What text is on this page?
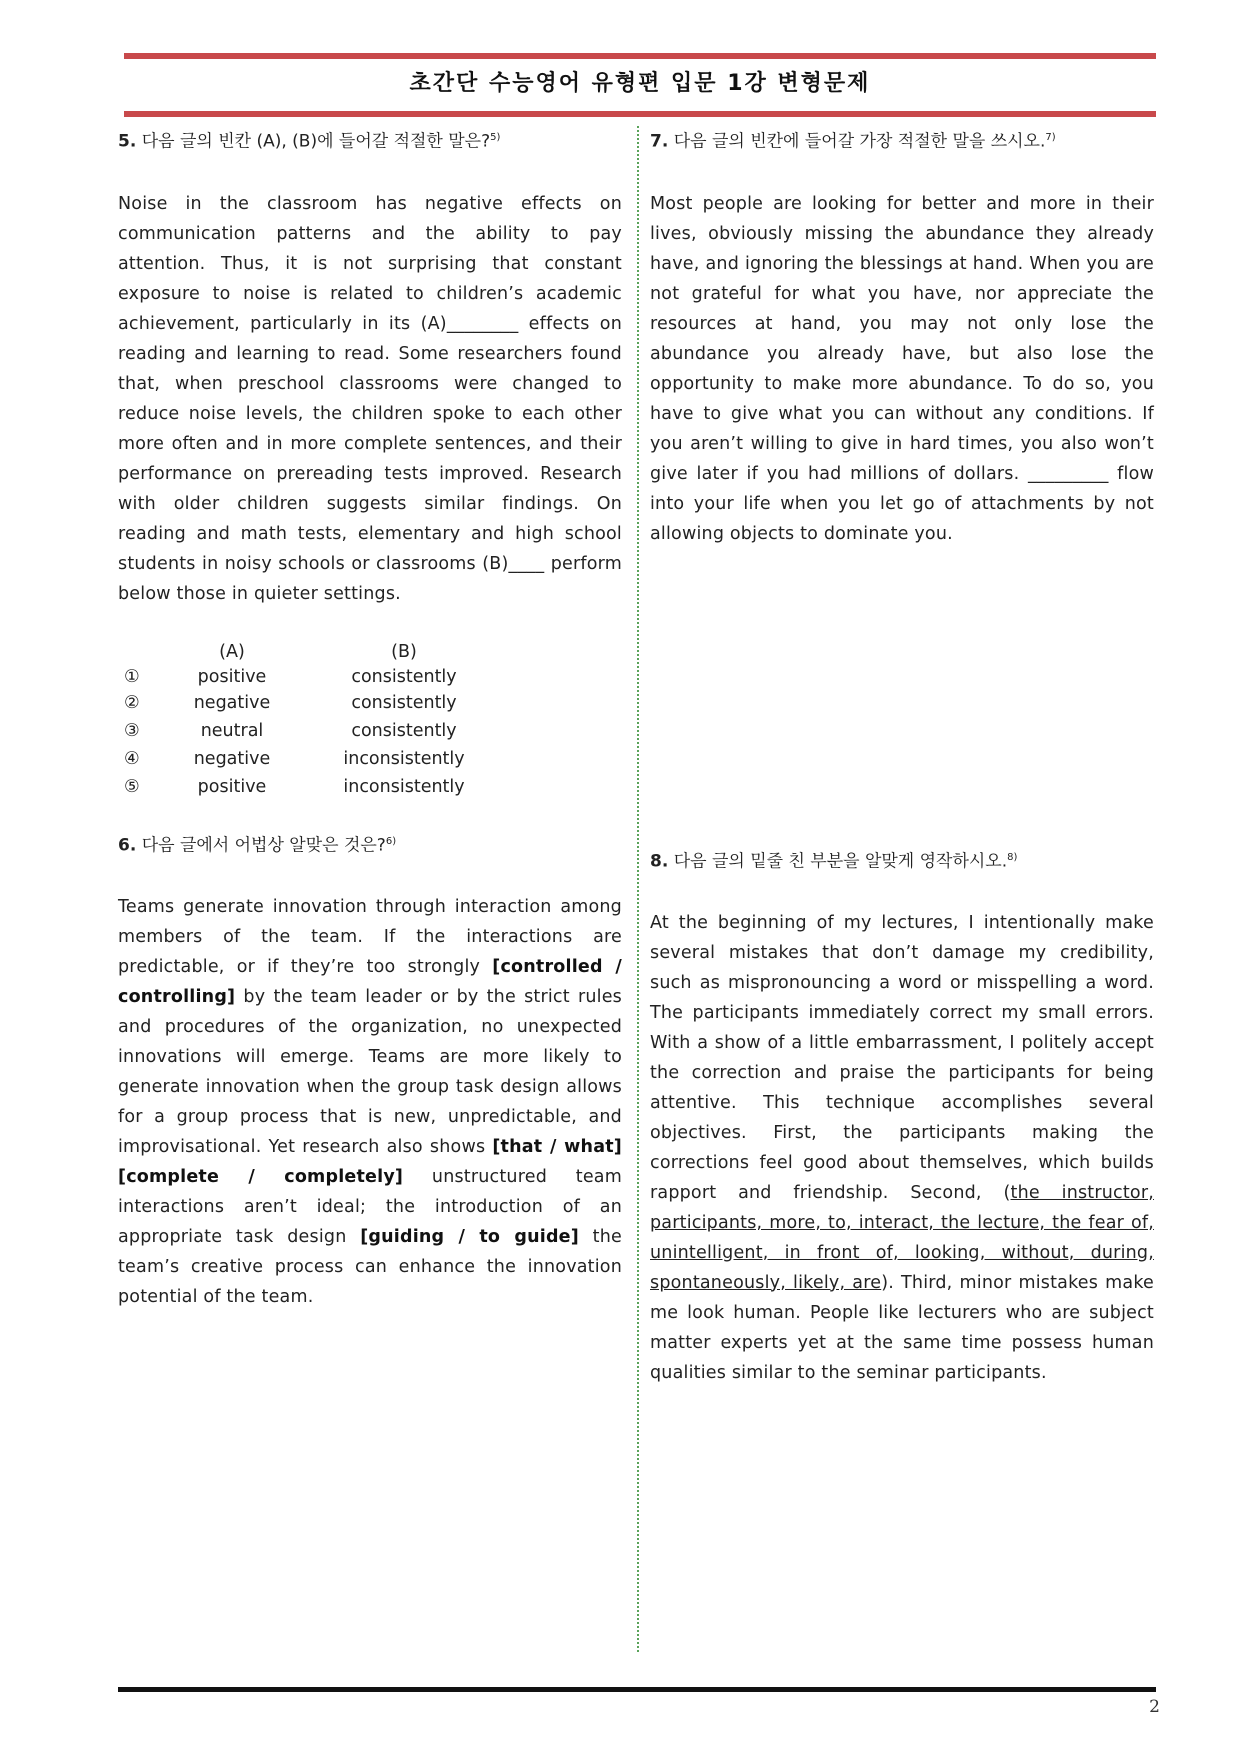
초간단 수능영어 유형편 입문 1강 변형문제
5. 다음 글의 빈칸 (A), (B)에 들어갈 적절한 말은?$^{5)}$
Noise in the classroom has negative effects on communication patterns and the ability to pay attention. Thus, it is not surprising that constant exposure to noise is related to children’s academic achievement, particularly in its (A)________ effects on reading and learning to read. Some researchers found that, when preschool classrooms were changed to reduce noise levels, the children spoke to each other more often and in more complete sentences, and their performance on prereading tests improved. Research with older children suggests similar findings. On reading and math tests, elementary and high school students in noisy schools or classrooms (B)____ perform below those in quieter settings.
(A)	(B)
①	positive	consistently
②	negative	consistently
③	neutral	consistently
④	negative	inconsistently
⑤	positive	inconsistently
6. 다음 글에서 어법상 알맞은 것은?$^{6)}$
Teams generate innovation through interaction among members of the team. If the interactions are predictable, or if they’re too strongly [controlled / controlling] by the team leader or by the strict rules and procedures of the organization, no unexpected innovations will emerge. Teams are more likely to generate innovation when the group task design allows for a group process that is new, unpredictable, and improvisational. Yet research also shows [that / what] [complete / completely] unstructured team interactions aren’t ideal; the introduction of an appropriate task design [guiding / to guide] the team’s creative process can enhance the innovation potential of the team.
7. 다음 글의 빈칸에 들어갈 가장 적절한 말을 쓰시오.$^{7)}$
Most people are looking for better and more in their lives, obviously missing the abundance they already have, and ignoring the blessings at hand. When you are not grateful for what you have, nor appreciate the resources at hand, you may not only lose the abundance you already have, but also lose the opportunity to make more abundance. To do so, you have to give what you can without any conditions. If you aren’t willing to give in hard times, you also won’t give later if you had millions of dollars. _________ flow into your life when you let go of attachments by not allowing objects to dominate you.
8. 다음 글의 밑줄 친 부분을 알맞게 영작하시오.$^{8)}$
At the beginning of my lectures, I intentionally make several mistakes that don’t damage my credibility, such as mispronouncing a word or misspelling a word. The participants immediately correct my small errors. With a show of a little embarrassment, I politely accept the correction and praise the participants for being attentive. This technique accomplishes several objectives. First, the participants making the corrections feel good about themselves, which builds rapport and friendship. Second, (the instructor, participants, more, to, interact, the lecture, the fear of, unintelligent, in front of, looking, without, during, spontaneously, likely, are). Third, minor mistakes make me look human. People like lecturers who are subject matter experts yet at the same time possess human qualities similar to the seminar participants.
2
